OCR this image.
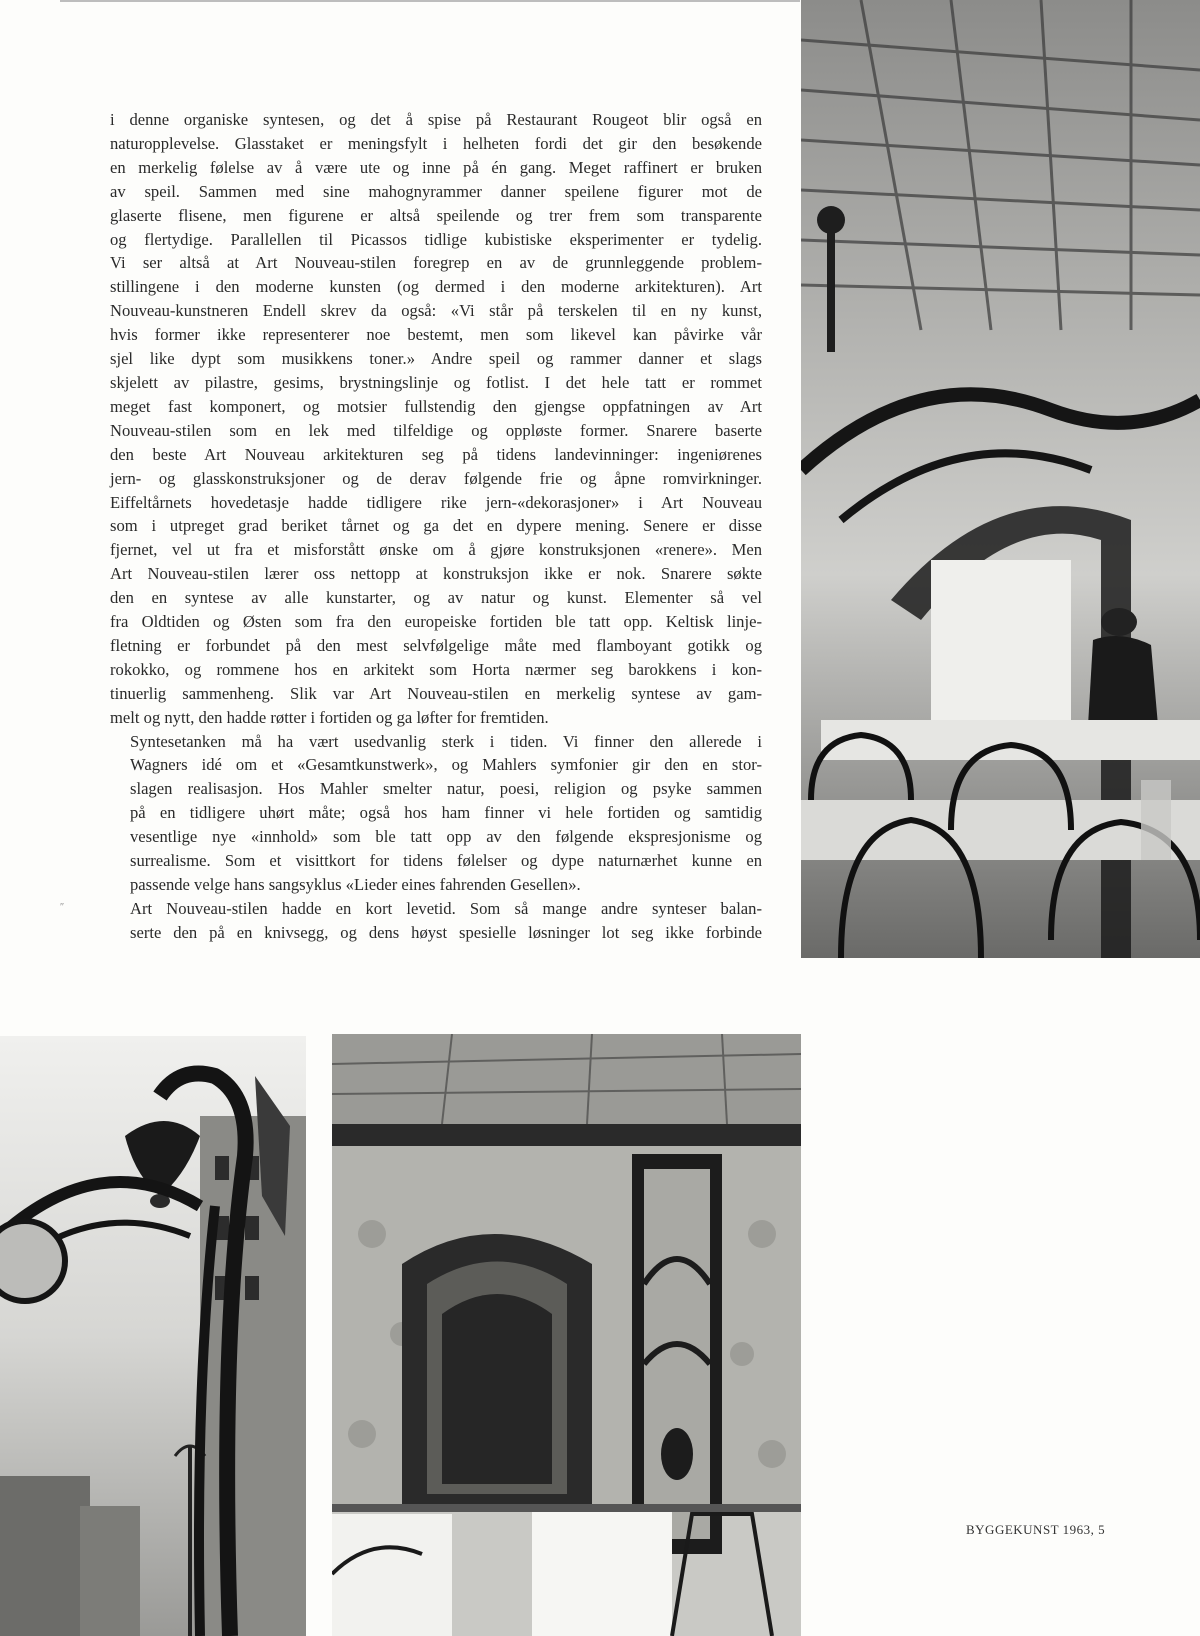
i denne organiske syntesen, og det å spise på Restaurant Rougeot blir også en
naturopplevelse. Glasstaket er meningsfylt i helheten fordi det gir den besøkende
en merkelig følelse av å være ute og inne på én gang. Meget raffinert er bruken
av speil. Sammen med sine mahognyrammer danner speilene figurer mot de
glaserte flisene, men figurene er altså speilende og trer frem som transparente
og flertydige. Parallellen til Picassos tidlige kubistiske eksperimenter er tydelig.
Vi ser altså at Art Nouveau-stilen foregrep en av de grunnleggende problem-
stillingene i den moderne kunsten (og dermed i den moderne arkitekturen). Art
Nouveau-kunstneren Endell skrev da også: «Vi står på terskelen til en ny kunst,
hvis former ikke representerer noe bestemt, men som likevel kan påvirke vår
sjel like dypt som musikkens toner.» Andre speil og rammer danner et slags
skjelett av pilastre, gesims, brystningslinje og fotlist. I det hele tatt er rommet
meget fast komponert, og motsier fullstendig den gjengse oppfatningen av Art
Nouveau-stilen som en lek med tilfeldige og oppløste former. Snarere baserte
den beste Art Nouveau arkitekturen seg på tidens landevinninger: ingeniørenes
jern- og glasskonstruksjoner og de derav følgende frie og åpne romvirkninger.
Eiffeltårnets hovedetasje hadde tidligere rike jern-«dekorasjoner» i Art Nouveau
som i utpreget grad beriket tårnet og ga det en dypere mening. Senere er disse
fjernet, vel ut fra et misforstått ønske om å gjøre konstruksjonen «renere». Men
Art Nouveau-stilen lærer oss nettopp at konstruksjon ikke er nok. Snarere søkte
den en syntese av alle kunstarter, og av natur og kunst. Elementer så vel
fra Oldtiden og Østen som fra den europeiske fortiden ble tatt opp. Keltisk linje-
fletning er forbundet på den mest selvfølgelige måte med flamboyant gotikk og
rokokko, og rommene hos en arkitekt som Horta nærmer seg barokkens i kon-
tinuerlig sammenheng. Slik var Art Nouveau-stilen en merkelig syntese av gam-
melt og nytt, den hadde røtter i fortiden og ga løfter for fremtiden.

Syntesetanken må ha vært usedvanlig sterk i tiden. Vi finner den allerede i
Wagners idé om et «Gesamtkunstwerk», og Mahlers symfonier gir den en stor-
slagen realisasjon. Hos Mahler smelter natur, poesi, religion og psyke sammen
på en tidligere uhørt måte; også hos ham finner vi hele fortiden og samtidig
vesentlige nye «innhold» som ble tatt opp av den følgende ekspresjonisme og
surrealisme. Som et visittkort for tidens følelser og dype naturnærhet kunne en
passende velge hans sangsyklus «Lieder eines fahrenden Gesellen».

Art Nouveau-stilen hadde en kort levetid. Som så mange andre synteser balan-
serte den på en knivsegg, og dens høyst spesielle løsninger lot seg ikke forbinde

BYGGEKUNST 1963, 5
″
